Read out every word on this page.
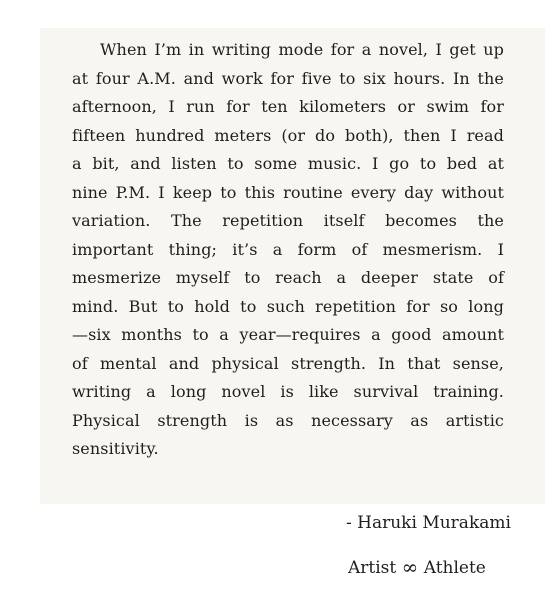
When I’m in writing mode for a novel, I get up
at four A.M. and work for five to six hours. In the
afternoon, I run for ten kilometers or swim for
fifteen hundred meters (or do both), then I read
a bit, and listen to some music. I go to bed at
nine P.M. I keep to this routine every day without
variation. The repetition itself becomes the
important thing; it’s a form of mesmerism. I
mesmerize myself to reach a deeper state of
mind. But to hold to such repetition for so long
—six months to a year—requires a good amount
of mental and physical strength. In that sense,
writing a long novel is like survival training.
Physical strength is as necessary as artistic
sensitivity.

- Haruki Murakami

Artist ∞ Athlete
